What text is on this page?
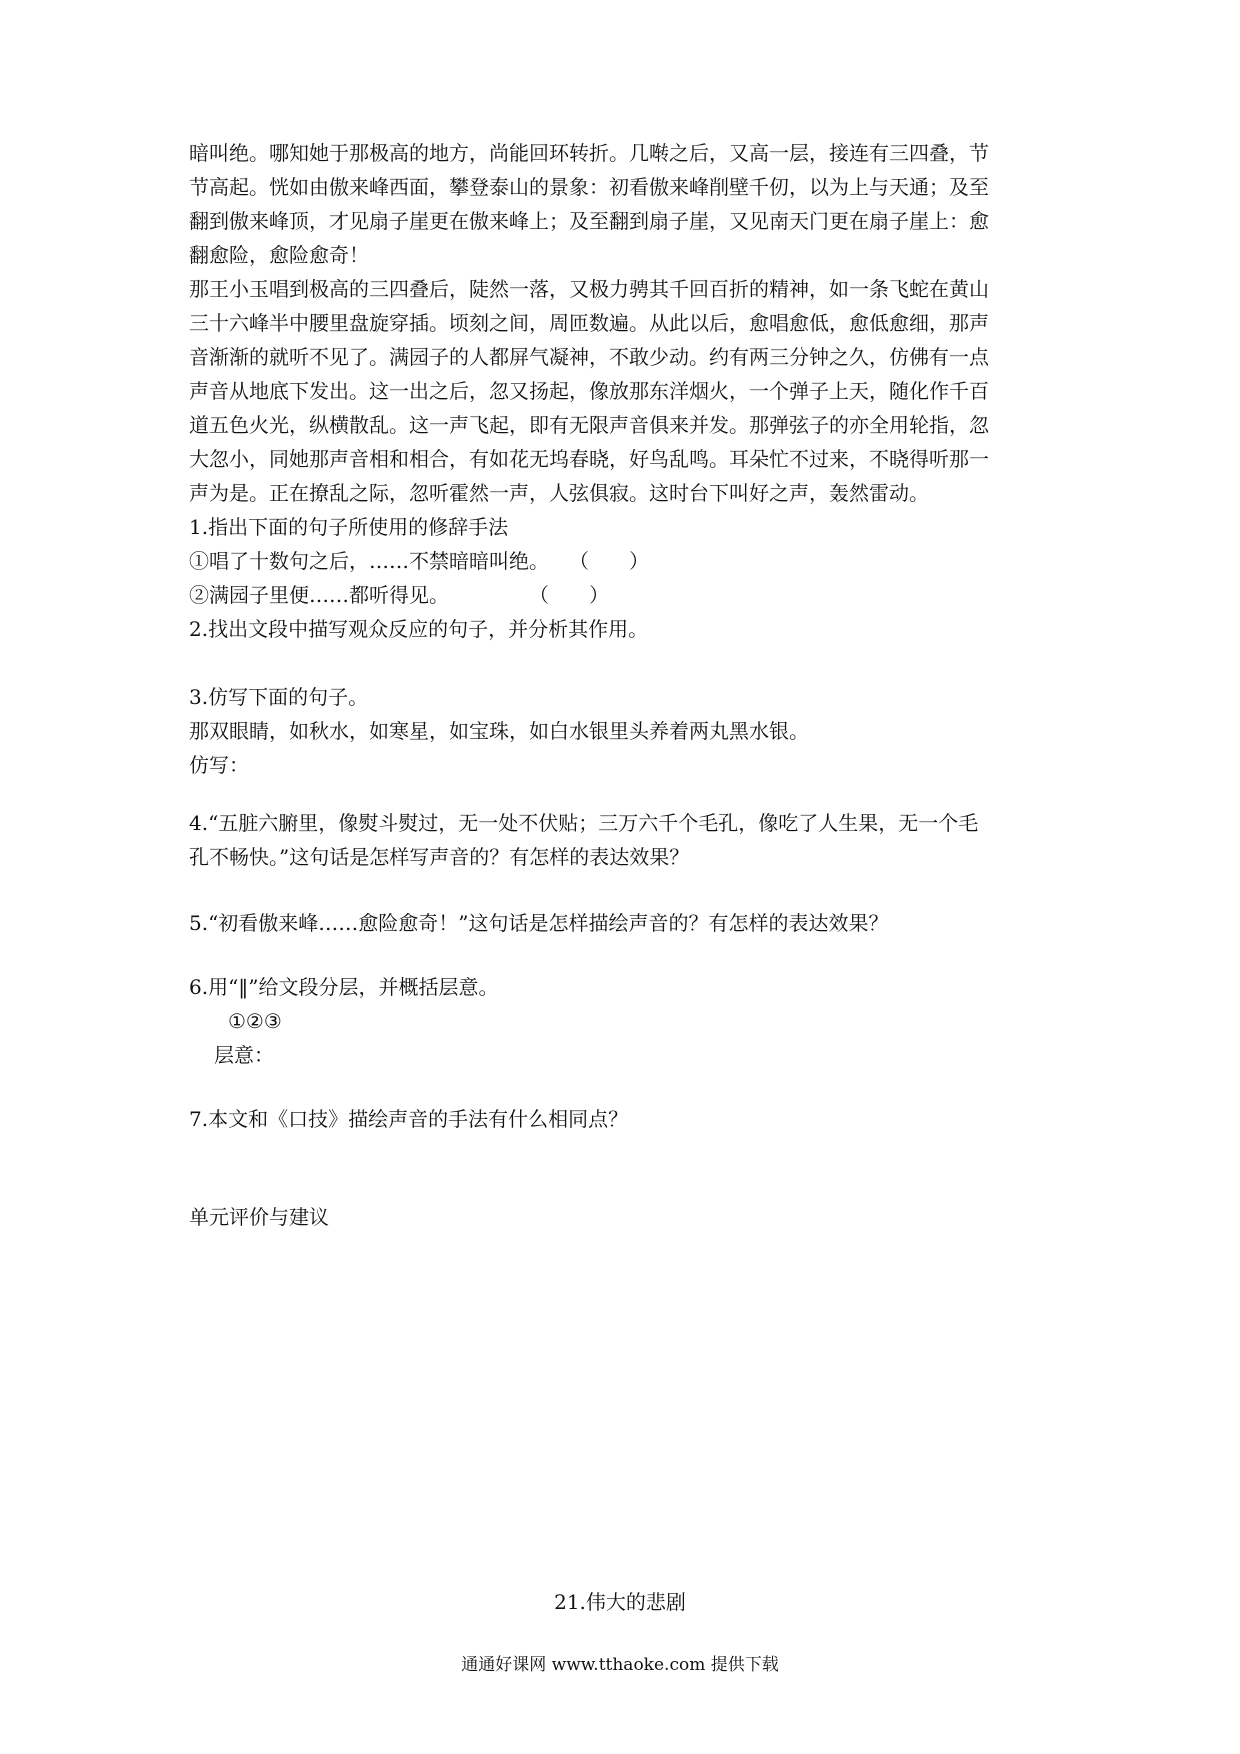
暗叫绝。哪知她于那极高的地方，尚能回环转折。几啭之后，又高一层，接连有三四叠，节
节高起。恍如由傲来峰西面，攀登泰山的景象：初看傲来峰削壁千仞，以为上与天通；及至
翻到傲来峰顶，才见扇子崖更在傲来峰上；及至翻到扇子崖，又见南天门更在扇子崖上：愈
翻愈险，愈险愈奇！
那王小玉唱到极高的三四叠后，陡然一落，又极力骋其千回百折的精神，如一条飞蛇在黄山
三十六峰半中腰里盘旋穿插。顷刻之间，周匝数遍。从此以后，愈唱愈低，愈低愈细，那声
音渐渐的就听不见了。满园子的人都屏气凝神，不敢少动。约有两三分钟之久，仿佛有一点
声音从地底下发出。这一出之后，忽又扬起，像放那东洋烟火，一个弹子上天，随化作千百
道五色火光，纵横散乱。这一声飞起，即有无限声音俱来并发。那弹弦子的亦全用轮指，忽
大忽小，同她那声音相和相合，有如花无坞春晓，好鸟乱鸣。耳朵忙不过来，不晓得听那一
声为是。正在撩乱之际，忽听霍然一声，人弦俱寂。这时台下叫好之声，轰然雷动。
1.指出下面的句子所使用的修辞手法
①唱了十数句之后，……不禁暗暗叫绝。　　（　　）
②满园子里便……都听得见。　　　　　（　　）
2.找出文段中描写观众反应的句子，并分析其作用。
3.仿写下面的句子。
那双眼睛，如秋水，如寒星，如宝珠，如白水银里头养着两丸黑水银。
仿写：
4.“五脏六腑里，像熨斗熨过，无一处不伏贴；三万六千个毛孔，像吃了人生果，无一个毛
孔不畅快。”这句话是怎样写声音的？有怎样的表达效果？
5.“初看傲来峰……愈险愈奇！”这句话是怎样描绘声音的？有怎样的表达效果？
6.用“‖”给文段分层，并概括层意。
①②③
层意：
7.本文和《口技》描绘声音的手法有什么相同点？
单元评价与建议
21.伟大的悲剧
通通好课网 www.tthaoke.com 提供下载
